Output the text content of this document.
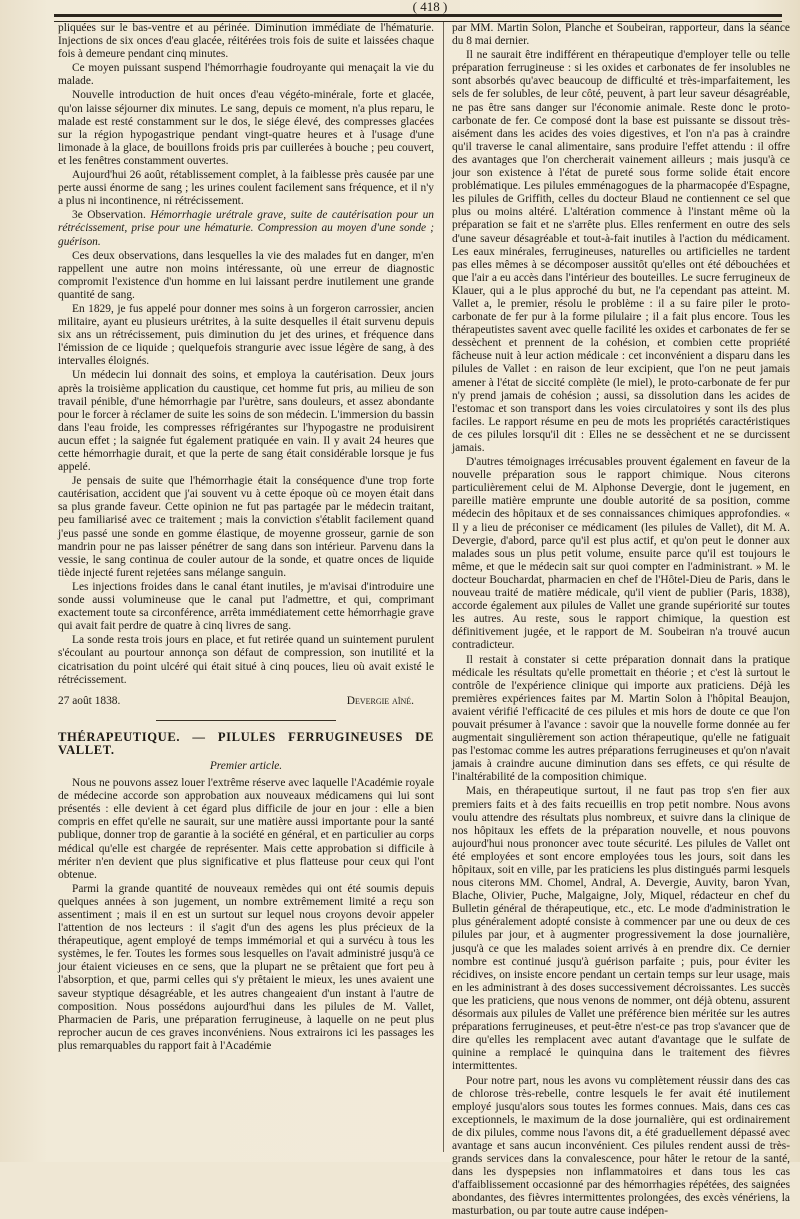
( 418 )

pliquées sur le bas-ventre et au périnée. Diminution immédiate de l'hématurie. Injections de six onces d'eau glacée, réitérées trois fois de suite et laissées chaque fois à demeure pendant cinq minutes.

Ce moyen puissant suspend l'hémorrhagie foudroyante qui menaçait la vie du malade.

Nouvelle introduction de huit onces d'eau végéto-minérale, forte et glacée, qu'on laisse séjourner dix minutes. Le sang, depuis ce moment, n'a plus reparu, le malade est resté constamment sur le dos, le siége élevé, des compresses glacées sur la région hypogastrique pendant vingt-quatre heures et à l'usage d'une limonade à la glace, de bouillons froids pris par cuillerées à bouche ; peu couvert, et les fenêtres constamment ouvertes.

Aujourd'hui 26 août, rétablissement complet, à la faiblesse près causée par une perte aussi énorme de sang ; les urines coulent facilement sans fréquence, et il n'y a plus ni incontinence, ni rétrécissement.

3e Observation. Hémorrhagie urétrale grave, suite de cautérisation pour un rétrécissement, prise pour une hématurie. Compression au moyen d'une sonde ; guérison.

Ces deux observations, dans lesquelles la vie des malades fut en danger, m'en rappellent une autre non moins intéressante, où une erreur de diagnostic compromit l'existence d'un homme en lui laissant perdre inutilement une grande quantité de sang.

En 1829, je fus appelé pour donner mes soins à un forgeron carrossier, ancien militaire, ayant eu plusieurs urétrites, à la suite desquelles il était survenu depuis six ans un rétrécissement, puis diminution du jet des urines, et fréquence dans l'émission de ce liquide ; quelquefois strangurie avec issue légère de sang, à des intervalles éloignés.

Un médecin lui donnait des soins, et employa la cautérisation. Deux jours après la troisième application du caustique, cet homme fut pris, au milieu de son travail pénible, d'une hémorrhagie par l'urètre, sans douleurs, et assez abondante pour le forcer à réclamer de suite les soins de son médecin. L'immersion du bassin dans l'eau froide, les compresses réfrigérantes sur l'hypogastre ne produisirent aucun effet ; la saignée fut également pratiquée en vain. Il y avait 24 heures que cette hémorrhagie durait, et que la perte de sang était considérable lorsque je fus appelé.

Je pensais de suite que l'hémorrhagie était la conséquence d'une trop forte cautérisation, accident que j'ai souvent vu à cette époque où ce moyen était dans sa plus grande faveur. Cette opinion ne fut pas partagée par le médecin traitant, peu familiarisé avec ce traitement ; mais la conviction s'établit facilement quand j'eus passé une sonde en gomme élastique, de moyenne grosseur, garnie de son mandrin pour ne pas laisser pénétrer de sang dans son intérieur. Parvenu dans la vessie, le sang continua de couler autour de la sonde, et quatre onces de liquide tiède injecté furent rejetées sans mélange sanguin.

Les injections froides dans le canal étant inutiles, je m'avisai d'introduire une sonde aussi volumineuse que le canal put l'admettre, et qui, comprimant exactement toute sa circonférence, arrêta immédiatement cette hémorrhagie grave qui avait fait perdre de quatre à cinq livres de sang.

La sonde resta trois jours en place, et fut retirée quand un suintement purulent s'écoulant au pourtour annonça son défaut de compression, son inutilité et la cicatrisation du point ulcéré qui était situé à cinq pouces, lieu où avait existé le rétrécissement.

27 août 1838.	Devergie aîné.

THÉRAPEUTIQUE. — PILULES FERRUGINEUSES DE VALLET.

Premier article.

Nous ne pouvons assez louer l'extrême réserve avec laquelle l'Académie royale de médecine accorde son approbation aux nouveaux médicamens qui lui sont présentés : elle devient à cet égard plus difficile de jour en jour : elle a bien compris en effet qu'elle ne saurait, sur une matière aussi importante pour la santé publique, donner trop de garantie à la société en général, et en particulier au corps médical qu'elle est chargée de représenter. Mais cette approbation si difficile à mériter n'en devient que plus significative et plus flatteuse pour ceux qui l'ont obtenue.

Parmi la grande quantité de nouveaux remèdes qui ont été soumis depuis quelques années à son jugement, un nombre extrêmement limité a reçu son assentiment ; mais il en est un surtout sur lequel nous croyons devoir appeler l'attention de nos lecteurs : il s'agit d'un des agens les plus précieux de la thérapeutique, agent employé de temps immémorial et qui a survécu à tous les systèmes, le fer. Toutes les formes sous lesquelles on l'avait administré jusqu'à ce jour étaient vicieuses en ce sens, que la plupart ne se prêtaient que fort peu à l'absorption, et que, parmi celles qui s'y prêtaient le mieux, les unes avaient une saveur styptique désagréable, et les autres changeaient d'un instant à l'autre de composition. Nous possédons aujourd'hui dans les pilules de M. Vallet, Pharmacien de Paris, une préparation ferrugineuse, à laquelle on ne peut plus reprocher aucun de ces graves inconvéniens. Nous extrairons ici les passages les plus remarquables du rapport fait à l'Académie

par MM. Martin Solon, Planche et Soubeiran, rapporteur, dans la séance du 8 mai dernier.

Il ne saurait être indifférent en thérapeutique d'employer telle ou telle préparation ferrugineuse : si les oxides et carbonates de fer insolubles ne sont absorbés qu'avec beaucoup de difficulté et très-imparfaitement, les sels de fer solubles, de leur côté, peuvent, à part leur saveur désagréable, ne pas être sans danger sur l'économie animale. Reste donc le proto-carbonate de fer. Ce composé dont la base est puissante se dissout très-aisément dans les acides des voies digestives, et l'on n'a pas à craindre qu'il traverse le canal alimentaire, sans produire l'effet attendu : il offre des avantages que l'on chercherait vainement ailleurs ; mais jusqu'à ce jour son existence à l'état de pureté sous forme solide était encore problématique. Les pilules emménagogues de la pharmacopée d'Espagne, les pilules de Griffith, celles du docteur Blaud ne contiennent ce sel que plus ou moins altéré. L'altération commence à l'instant même où la préparation se fait et ne s'arrête plus. Elles renferment en outre des sels d'une saveur désagréable et tout-à-fait inutiles à l'action du médicament. Les eaux minérales, ferrugineuses, naturelles ou artificielles ne tardent pas elles mêmes à se décomposer aussitôt qu'elles ont été débouchées et que l'air a eu accès dans l'intérieur des bouteilles. Le sucre ferrugineux de Klauer, qui a le plus approché du but, ne l'a cependant pas atteint. M. Vallet a, le premier, résolu le problème : il a su faire piler le proto-carbonate de fer pur à la forme pilulaire ; il a fait plus encore. Tous les thérapeutistes savent avec quelle facilité les oxides et carbonates de fer se dessèchent et prennent de la cohésion, et combien cette propriété fâcheuse nuit à leur action médicale : cet inconvénient a disparu dans les pilules de Vallet : en raison de leur excipient, que l'on ne peut jamais amener à l'état de siccité complète (le miel), le proto-carbonate de fer pur n'y prend jamais de cohésion ; aussi, sa dissolution dans les acides de l'estomac et son transport dans les voies circulatoires y sont ils des plus faciles. Le rapport résume en peu de mots les propriétés caractéristiques de ces pilules lorsqu'il dit : Elles ne se dessèchent et ne se durcissent jamais.

D'autres témoignages irrécusables prouvent également en faveur de la nouvelle préparation sous le rapport chimique. Nous citerons particulièrement celui de M. Alphonse Devergie, dont le jugement, en pareille matière emprunte une double autorité de sa position, comme médecin des hôpitaux et de ses connaissances chimiques approfondies. « Il y a lieu de préconiser ce médicament (les pilules de Vallet), dit M. A. Devergie, d'abord, parce qu'il est plus actif, et qu'on peut le donner aux malades sous un plus petit volume, ensuite parce qu'il est toujours le même, et que le médecin sait sur quoi compter en l'administrant. » M. le docteur Bouchardat, pharmacien en chef de l'Hôtel-Dieu de Paris, dans le nouveau traité de matière médicale, qu'il vient de publier (Paris, 1838), accorde également aux pilules de Vallet une grande supériorité sur toutes les autres. Au reste, sous le rapport chimique, la question est définitivement jugée, et le rapport de M. Soubeiran n'a trouvé aucun contradicteur.

Il restait à constater si cette préparation donnait dans la pratique médicale les résultats qu'elle promettait en théorie ; et c'est là surtout le contrôle de l'expérience clinique qui importe aux praticiens. Déjà les premières expériences faites par M. Martin Solon à l'hôpital Beaujon, avaient vérifié l'efficacité de ces pilules et mis hors de doute ce que l'on pouvait présumer à l'avance : savoir que la nouvelle forme donnée au fer augmentait singulièrement son action thérapeutique, qu'elle ne fatiguait pas l'estomac comme les autres préparations ferrugineuses et qu'on n'avait jamais à craindre aucune diminution dans ses effets, ce qui résulte de l'inaltérabilité de la composition chimique.

Mais, en thérapeutique surtout, il ne faut pas trop s'en fier aux premiers faits et à des faits recueillis en trop petit nombre. Nous avons voulu attendre des résultats plus nombreux, et suivre dans la clinique de nos hôpitaux les effets de la préparation nouvelle, et nous pouvons aujourd'hui nous prononcer avec toute sécurité. Les pilules de Vallet ont été employées et sont encore employées tous les jours, soit dans les hôpitaux, soit en ville, par les praticiens les plus distingués parmi lesquels nous citerons MM. Chomel, Andral, A. Devergie, Auvity, baron Yvan, Blache, Olivier, Puche, Malgaigne, Joly, Miquel, rédacteur en chef du Bulletin général de thérapeutique, etc., etc. Le mode d'administration le plus généralement adopté consiste à commencer par une ou deux de ces pilules par jour, et à augmenter progressivement la dose journalière, jusqu'à ce que les malades soient arrivés à en prendre dix. Ce dernier nombre est continué jusqu'à guérison parfaite ; puis, pour éviter les récidives, on insiste encore pendant un certain temps sur leur usage, mais en les administrant à des doses successivement décroissantes. Les succès que les praticiens, que nous venons de nommer, ont déjà obtenu, assurent désormais aux pilules de Vallet une préférence bien méritée sur les autres préparations ferrugineuses, et peut-être n'est-ce pas trop s'avancer que de dire qu'elles les remplacent avec autant d'avantage que le sulfate de quinine a remplacé le quinquina dans le traitement des fièvres intermittentes.

Pour notre part, nous les avons vu complètement réussir dans des cas de chlorose très-rebelle, contre lesquels le fer avait été inutilement employé jusqu'alors sous toutes les formes connues. Mais, dans ces cas exceptionnels, le maximum de la dose journalière, qui est ordinairement de dix pilules, comme nous l'avons dit, a été graduellement dépassé avec avantage et sans aucun inconvénient. Ces pilules rendent aussi de très-grands services dans la convalescence, pour hâter le retour de la santé, dans les dyspepsies non inflammatoires et dans tous les cas d'affaiblissement occasionné par des hémorrhagies répétées, des saignées abondantes, des fièvres intermittentes prolongées, des excès vénériens, la masturbation, ou par toute autre cause indépen-
